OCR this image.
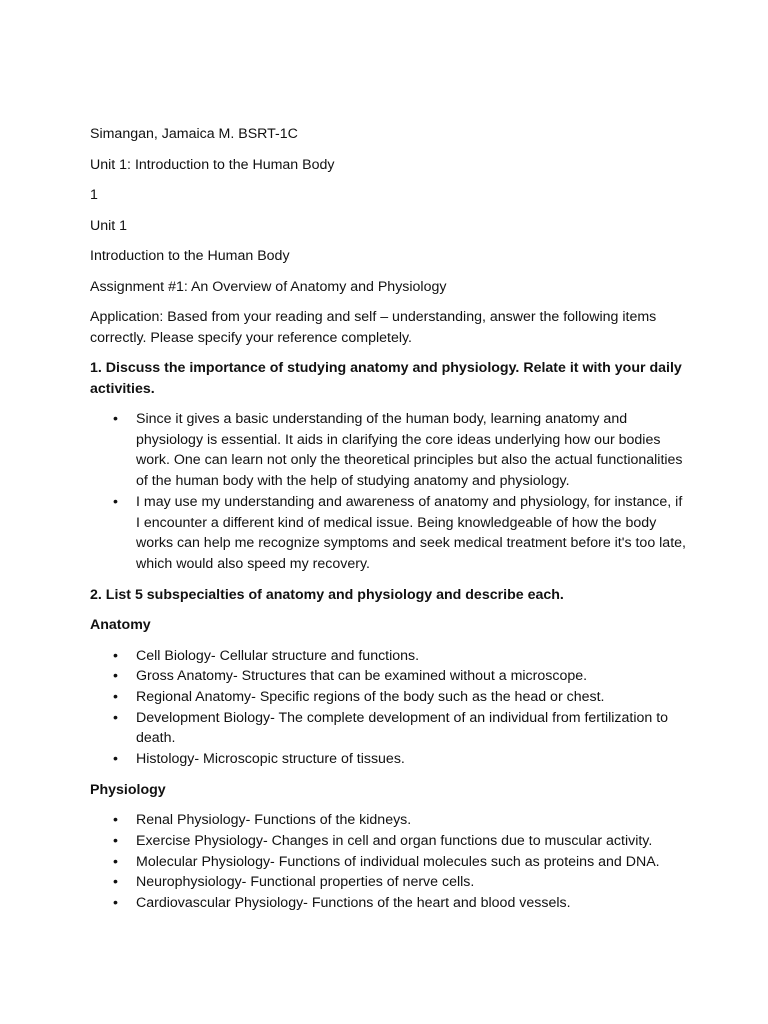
Simangan, Jamaica M. BSRT-1C

Unit 1: Introduction to the Human Body

1

Unit 1

Introduction to the Human Body

Assignment #1: An Overview of Anatomy and Physiology

Application: Based from your reading and self – understanding, answer the following items correctly. Please specify your reference completely.

1. Discuss the importance of studying anatomy and physiology. Relate it with your daily activities.

• Since it gives a basic understanding of the human body, learning anatomy and physiology is essential. It aids in clarifying the core ideas underlying how our bodies work. One can learn not only the theoretical principles but also the actual functionalities of the human body with the help of studying anatomy and physiology.
• I may use my understanding and awareness of anatomy and physiology, for instance, if I encounter a different kind of medical issue. Being knowledgeable of how the body works can help me recognize symptoms and seek medical treatment before it's too late, which would also speed my recovery.

2. List 5 subspecialties of anatomy and physiology and describe each.

Anatomy

• Cell Biology- Cellular structure and functions.
• Gross Anatomy- Structures that can be examined without a microscope.
• Regional Anatomy- Specific regions of the body such as the head or chest.
• Development Biology- The complete development of an individual from fertilization to death.
• Histology- Microscopic structure of tissues.

Physiology

• Renal Physiology- Functions of the kidneys.
• Exercise Physiology- Changes in cell and organ functions due to muscular activity.
• Molecular Physiology- Functions of individual molecules such as proteins and DNA.
• Neurophysiology- Functional properties of nerve cells.
• Cardiovascular Physiology- Functions of the heart and blood vessels.
